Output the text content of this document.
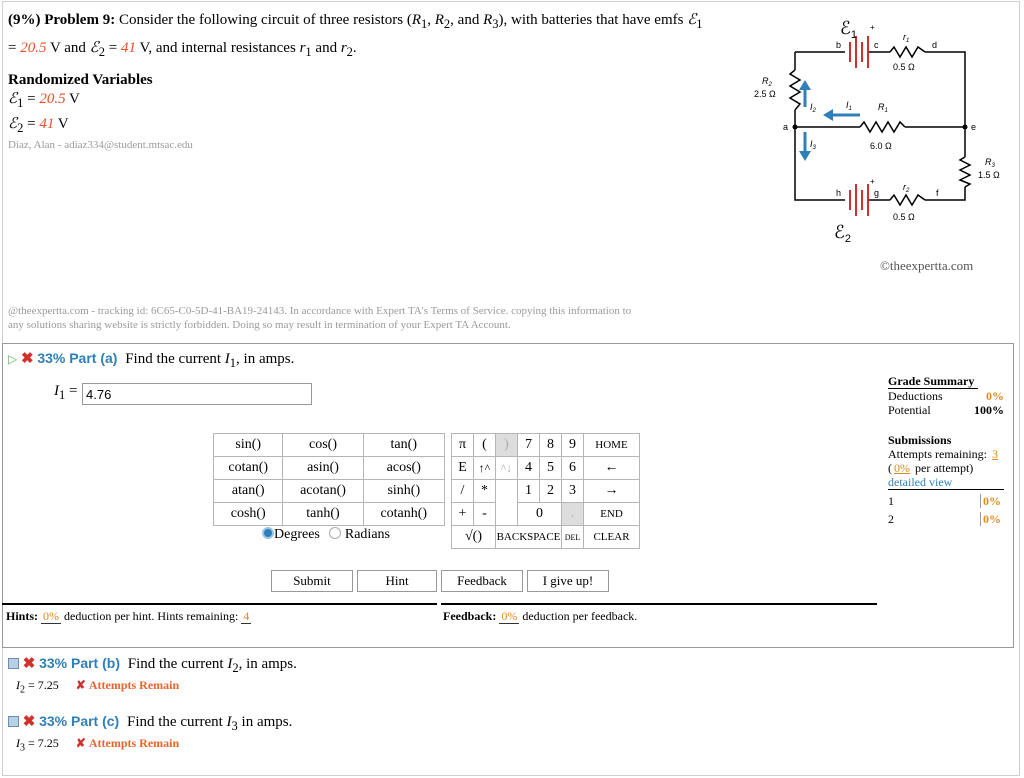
(9%) Problem 9: Consider the following circuit of three resistors ($R_1$, $R_2$, and $R_3$), with batteries that have emfs ℰ$_1$
= 20.5 V and ℰ$_2$ = 41 V, and internal resistances $r_1$ and $r_2$.
Randomized Variables
ℰ$_1$ = 20.5 V
ℰ$_2$ = 41 V
Diaz, Alan - adiaz334@student.mtsac.edu
ℰ$_1$
+
b	c	d
$r_1$
0.5 Ω
$R_2$
2.5 Ω
$I_2$
$I_1$	$R_1$
a	e
6.0 Ω
$I_3$
$R_3$
1.5 Ω
+
h	g	f
$r_2$
0.5 Ω
ℰ$_2$
©theexpertta.com
@theexpertta.com - tracking id: 6C65-C0-5D-41-BA19-24143. In accordance with Expert TA's Terms of Service. copying this information to
any solutions sharing website is strictly forbidden. Doing so may result in termination of your Expert TA Account.
▷ ✖ 33% Part (a) Find the current $I_1$, in amps.
$I_1$ =
4.76
Grade Summary
Deductions	0%
Potential	100%
Submissions
Attempts remaining: 3
( 0% per attempt)
detailed view
1	0%
2	0%
sin()	cos()	tan()
cotan()	asin()	acos()
atan()	acotan()	sinh()
cosh()	tanh()	cotanh()
Degrees Radians
π	(	)	7	8	9	HOME
E	↑^	^↓	4	5	6	←
/	*		1	2	3	→
+	-		0		.	END
√()		BACKSPACE			DEL	CLEAR
Submit	Hint	Feedback	I give up!
Hints: 0% deduction per hint. Hints remaining: 4	Feedback: 0% deduction per feedback.
✖ 33% Part (b) Find the current $I_2$, in amps.
$I_2 = 7.25$ ✘ Attempts Remain
✖ 33% Part (c) Find the current $I_3$ in amps.
$I_3 = 7.25$ ✘ Attempts Remain
